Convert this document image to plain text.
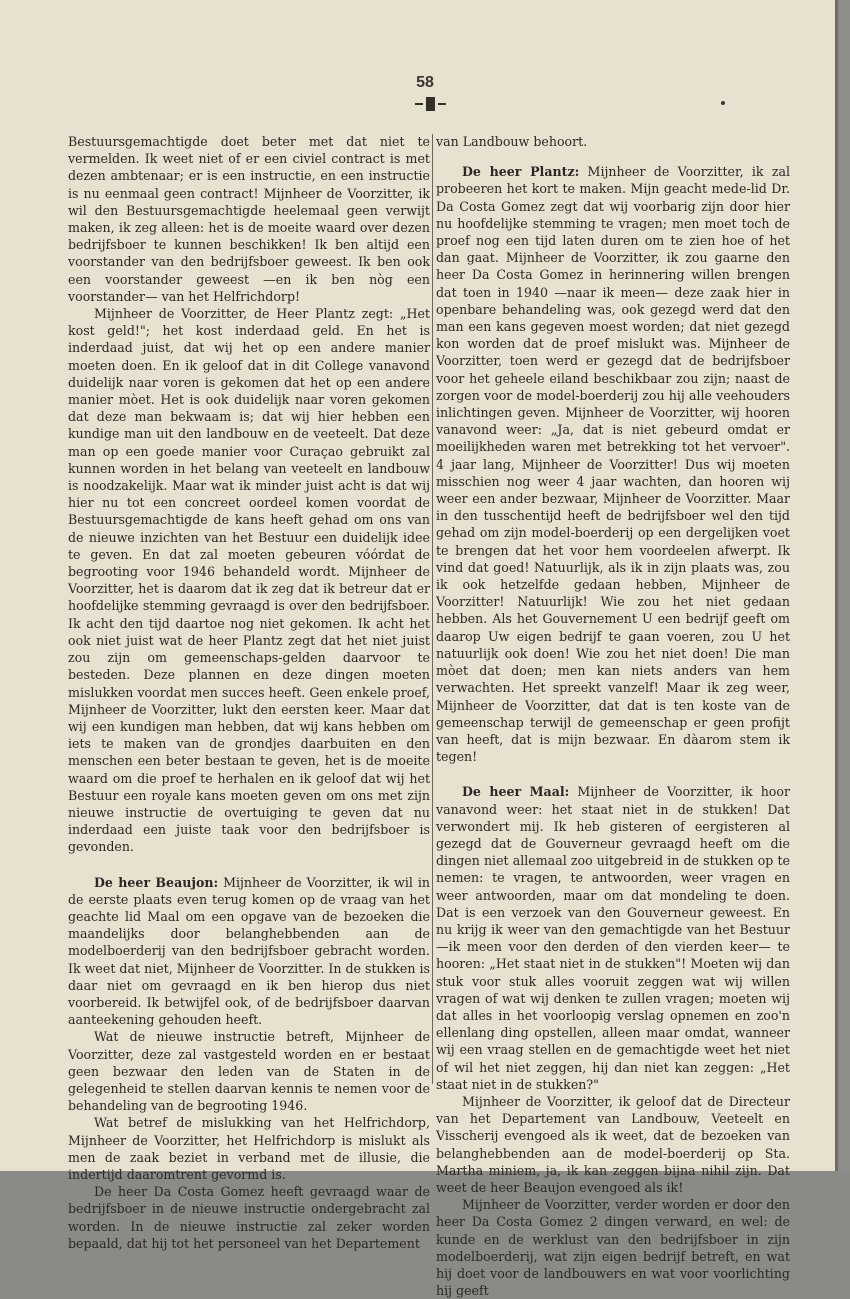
58

Bestuursgemachtigde doet beter met dat niet te vermelden. Ik weet niet of er een civiel contract is met dezen ambtenaar; er is een instructie, en een instructie is nu eenmaal geen contract! Mijnheer de Voorzitter, ik wil den Bestuursgemachtigde heelemaal geen verwijt maken, ik zeg alleen: het is de moeite waard over dezen bedrijfsboer te kunnen beschikken! Ik ben altijd een voorstander van den bedrijfsboer geweest. Ik ben ook een voorstander geweest —en ik ben nòg een voorstander— van het Helfrichdorp!

Mijnheer de Voorzitter, de Heer Plantz zegt: „Het kost geld!"; het kost inderdaad geld. En het is inderdaad juist, dat wij het op een andere manier moeten doen. En ik geloof dat in dit College vanavond duidelijk naar voren is gekomen dat het op een andere manier mòet. Het is ook duidelijk naar voren gekomen dat deze man bekwaam is; dat wij hier hebben een kundige man uit den landbouw en de veeteelt. Dat deze man op een goede manier voor Curaçao gebruikt zal kunnen worden in het belang van veeteelt en landbouw is noodzakelijk. Maar wat ik minder juist acht is dat wij hier nu tot een concreet oordeel komen voordat de Bestuursgemachtigde de kans heeft gehad om ons van de nieuwe inzichten van het Bestuur een duidelijk idee te geven. En dat zal moeten gebeuren vóórdat de begrooting voor 1946 behandeld wordt. Mijnheer de Voorzitter, het is daarom dat ik zeg dat ik betreur dat er hoofdelijke stemming gevraagd is over den bedrijfsboer. Ik acht den tijd daartoe nog niet gekomen. Ik acht het ook niet juist wat de heer Plantz zegt dat het niet juist zou zijn om gemeenschaps-gelden daarvoor te besteden. Deze plannen en deze dingen moeten mislukken voordat men succes heeft. Geen enkele proef, Mijnheer de Voorzitter, lukt den eersten keer. Maar dat wij een kundigen man hebben, dat wij kans hebben om iets te maken van de grondjes daarbuiten en den menschen een beter bestaan te geven, het is de moeite waard om die proef te herhalen en ik geloof dat wij het Bestuur een royale kans moeten geven om ons met zijn nieuwe instructie de overtuiging te geven dat nu inderdaad een juiste taak voor den bedrijfsboer is gevonden.

De heer Beaujon: Mijnheer de Voorzitter, ik wil in de eerste plaats even terug komen op de vraag van het geachte lid Maal om een opgave van de bezoeken die maandelijks door belanghebbenden aan de modelboerderij van den bedrijfsboer gebracht worden. Ik weet dat niet, Mijnheer de Voorzitter. In de stukken is daar niet om gevraagd en ik ben hierop dus niet voorbereid. Ik betwijfel ook, of de bedrijfsboer daarvan aanteekening gehouden heeft.

Wat de nieuwe instructie betreft, Mijnheer de Voorzitter, deze zal vastgesteld worden en er bestaat geen bezwaar den leden van de Staten in de gelegenheid te stellen daarvan kennis te nemen voor de behandeling van de begrooting 1946.

Wat betref de mislukking van het Helfrichdorp, Mijnheer de Voorzitter, het Helfrichdorp is mislukt als men de zaak beziet in verband met de illusie, die indertijd daaromtrent gevormd is.

De heer Da Costa Gomez heeft gevraagd waar de bedrijfsboer in de nieuwe instructie ondergebracht zal worden. In de nieuwe instructie zal zeker worden bepaald, dat hij tot het personeel van het Departement

van Landbouw behoort.

De heer Plantz: Mijnheer de Voorzitter, ik zal probeeren het kort te maken. Mijn geacht mede-lid Dr. Da Costa Gomez zegt dat wij voorbarig zijn door hier nu hoofdelijke stemming te vragen; men moet toch de proef nog een tijd laten duren om te zien hoe of het dan gaat. Mijnheer de Voorzitter, ik zou gaarne den heer Da Costa Gomez in herinnering willen brengen dat toen in 1940 —naar ik meen— deze zaak hier in openbare behandeling was, ook gezegd werd dat den man een kans gegeven moest worden; dat niet gezegd kon worden dat de proef mislukt was. Mijnheer de Voorzitter, toen werd er gezegd dat de bedrijfsboer voor het geheele eiland beschikbaar zou zijn; naast de zorgen voor de model-boerderij zou hij alle veehouders inlichtingen geven. Mijnheer de Voorzitter, wij hooren vanavond weer: „Ja, dat is niet gebeurd omdat er moeilijkheden waren met betrekking tot het vervoer". 4 jaar lang, Mijnheer de Voorzitter! Dus wij moeten misschien nog weer 4 jaar wachten, dan hooren wij weer een ander bezwaar, Mijnheer de Voorzitter. Maar in den tusschentijd heeft de bedrijfsboer wel den tijd gehad om zijn model-boerderij op een dergelijken voet te brengen dat het voor hem voordeelen afwerpt. Ik vind dat goed! Natuurlijk, als ik in zijn plaats was, zou ik ook hetzelfde gedaan hebben, Mijnheer de Voorzitter! Natuurlijk! Wie zou het niet gedaan hebben. Als het Gouvernement U een bedrijf geeft om daarop Uw eigen bedrijf te gaan voeren, zou U het natuurlijk ook doen! Wie zou het niet doen! Die man mòet dat doen; men kan niets anders van hem verwachten. Het spreekt vanzelf! Maar ik zeg weer, Mijnheer de Voorzitter, dat dat is ten koste van de gemeenschap terwijl de gemeenschap er geen profijt van heeft, dat is mijn bezwaar. En dàarom stem ik tegen!

De heer Maal: Mijnheer de Voorzitter, ik hoor vanavond weer: het staat niet in de stukken! Dat verwondert mij. Ik heb gisteren of eergisteren al gezegd dat de Gouverneur gevraagd heeft om die dingen niet allemaal zoo uitgebreid in de stukken op te nemen: te vragen, te antwoorden, weer vragen en weer antwoorden, maar om dat mondeling te doen. Dat is een verzoek van den Gouverneur geweest. En nu krijg ik weer van den gemachtigde van het Bestuur —ik meen voor den derden of den vierden keer— te hooren: „Het staat niet in de stukken"! Moeten wij dan stuk voor stuk alles vooruit zeggen wat wij willen vragen of wat wij denken te zullen vragen; moeten wij dat alles in het voorloopig verslag opnemen en zoo'n ellenlang ding opstellen, alleen maar omdat, wanneer wij een vraag stellen en de gemachtigde weet het niet of wil het niet zeggen, hij dan niet kan zeggen: „Het staat niet in de stukken?"

Mijnheer de Voorzitter, ik geloof dat de Directeur van het Departement van Landbouw, Veeteelt en Visscherij evengoed als ik weet, dat de bezoeken van belanghebbenden aan de model-boerderij op Sta. Martha miniem, ja, ik kan zeggen bijna nihil zijn. Dat weet de heer Beaujon evengoed als ik!

Mijnheer de Voorzitter, verder worden er door den heer Da Costa Gomez 2 dingen verward, en wel: de kunde en de werklust van den bedrijfsboer in zijn modelboerderij, wat zijn eigen bedrijf betreft, en wat hij doet voor de landbouwers en wat voor voorlichting hij geeft
